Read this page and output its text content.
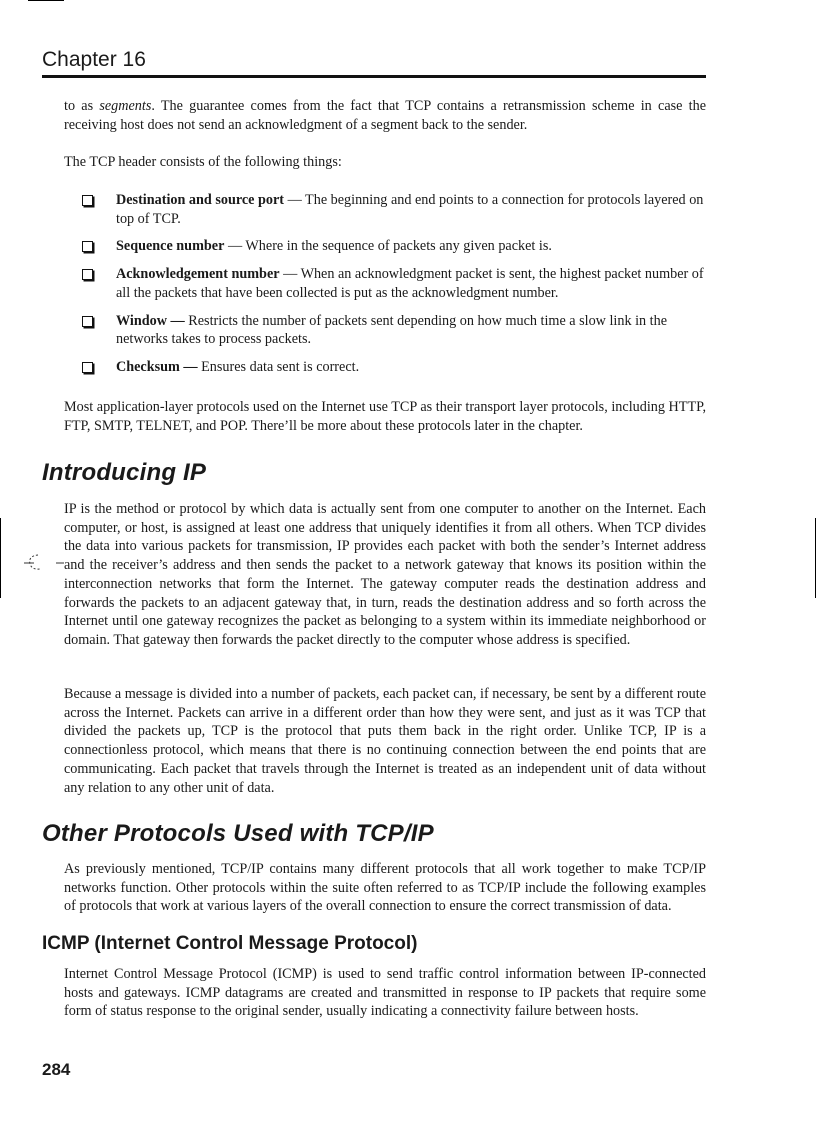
Chapter 16

to as segments. The guarantee comes from the fact that TCP contains a retransmission scheme in case the receiving host does not send an acknowledgment of a segment back to the sender.

The TCP header consists of the following things:

Destination and source port — The beginning and end points to a connection for protocols layered on top of TCP.
Sequence number — Where in the sequence of packets any given packet is.
Acknowledgement number — When an acknowledgment packet is sent, the highest packet number of all the packets that have been collected is put as the acknowledgment number.
Window — Restricts the number of packets sent depending on how much time a slow link in the networks takes to process packets.
Checksum — Ensures data sent is correct.

Most application-layer protocols used on the Internet use TCP as their transport layer protocols, including HTTP, FTP, SMTP, TELNET, and POP. There’ll be more about these protocols later in the chapter.

Introducing IP

IP is the method or protocol by which data is actually sent from one computer to another on the Internet. Each computer, or host, is assigned at least one address that uniquely identifies it from all others. When TCP divides the data into various packets for transmission, IP provides each packet with both the sender’s Internet address and the receiver’s address and then sends the packet to a network gateway that knows its position within the interconnection networks that form the Internet. The gateway computer reads the destination address and forwards the packets to an adjacent gateway that, in turn, reads the destination address and so forth across the Internet until one gateway recognizes the packet as belonging to a system within its immediate neighborhood or domain. That gateway then forwards the packet directly to the computer whose address is specified.

Because a message is divided into a number of packets, each packet can, if necessary, be sent by a different route across the Internet. Packets can arrive in a different order than how they were sent, and just as it was TCP that divided the packets up, TCP is the protocol that puts them back in the right order. Unlike TCP, IP is a connectionless protocol, which means that there is no continuing connection between the end points that are communicating. Each packet that travels through the Internet is treated as an independent unit of data without any relation to any other unit of data.

Other Protocols Used with TCP/IP

As previously mentioned, TCP/IP contains many different protocols that all work together to make TCP/IP networks function. Other protocols within the suite often referred to as TCP/IP include the following examples of protocols that work at various layers of the overall connection to ensure the correct transmission of data.

ICMP (Internet Control Message Protocol)

Internet Control Message Protocol (ICMP) is used to send traffic control information between IP-connected hosts and gateways. ICMP datagrams are created and transmitted in response to IP packets that require some form of status response to the original sender, usually indicating a connectivity failure between hosts.

284
